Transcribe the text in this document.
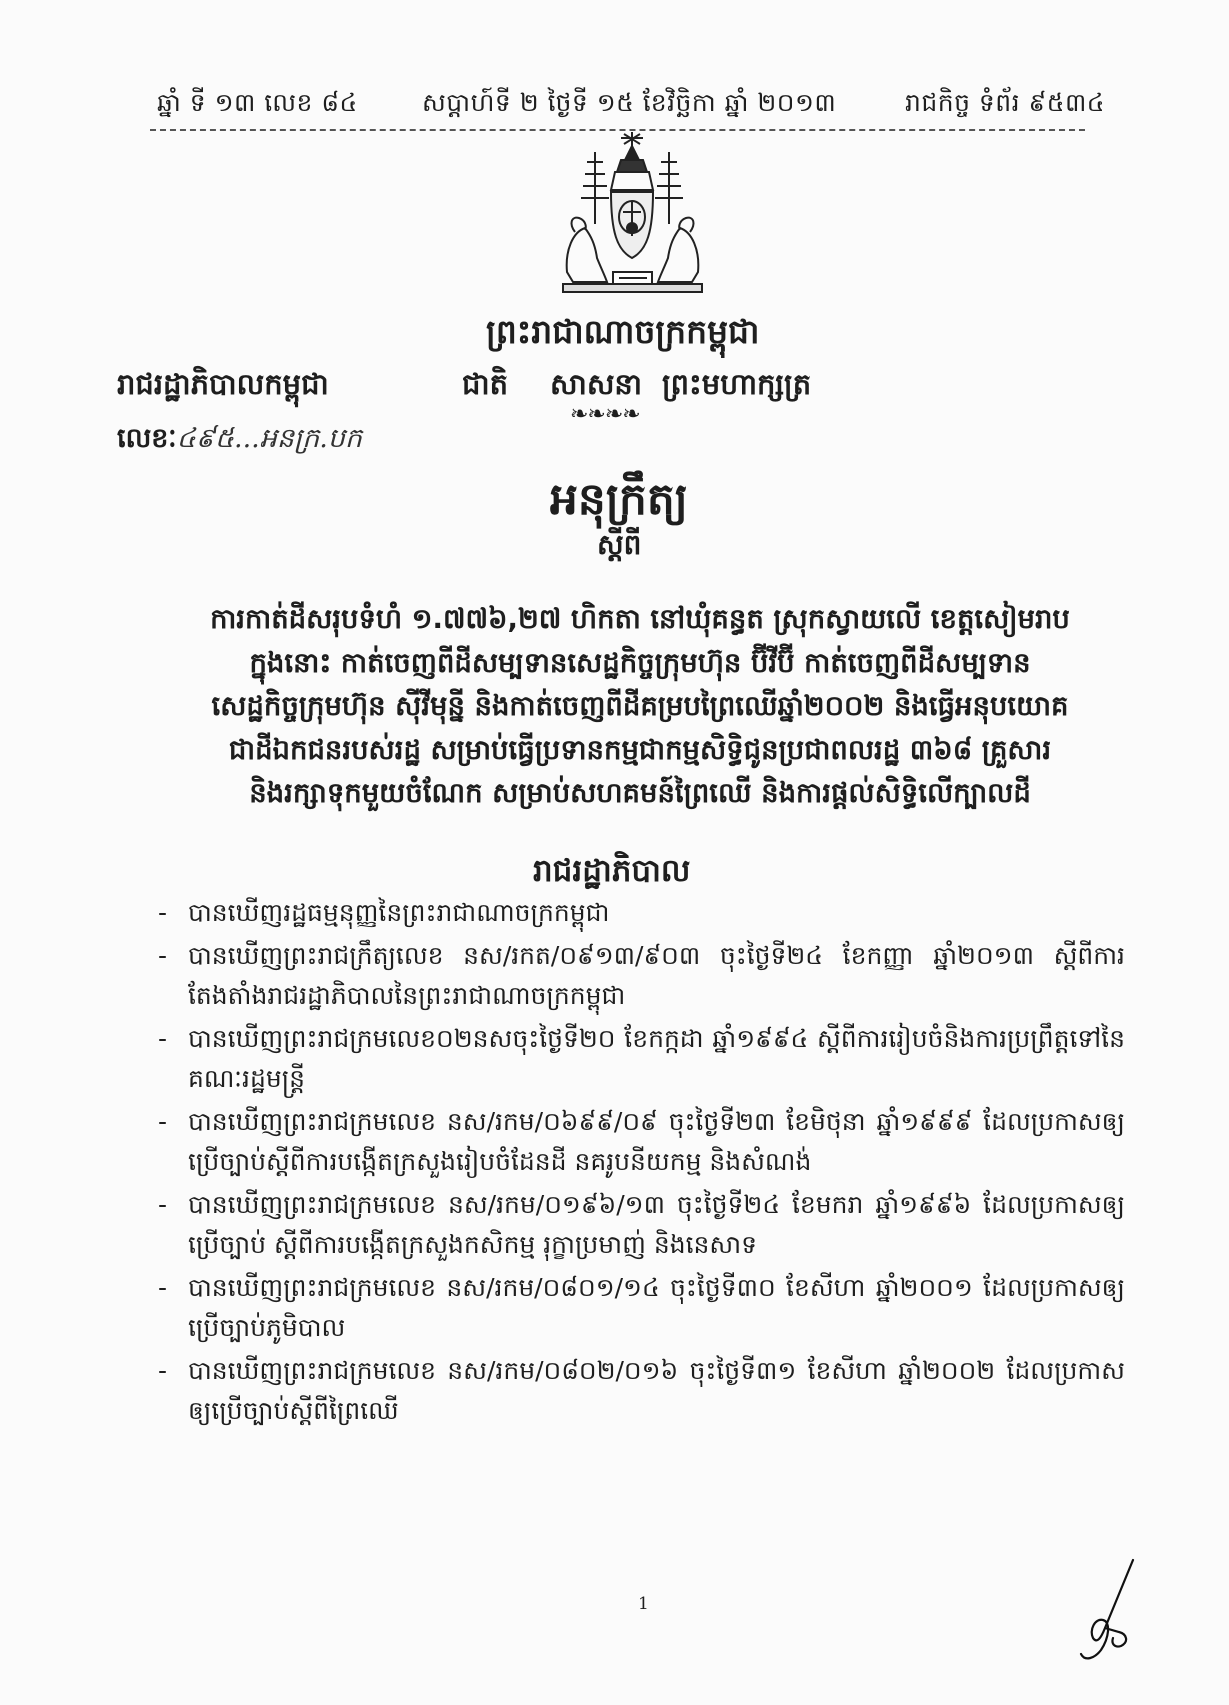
ឆ្នាំ ទី ១៣ លេខ ៨៤	សប្តាហ៍ទី ២ ថ្ងៃទី ១៥ ខែវិច្ឆិកា ឆ្នាំ ២០១៣	រាជកិច្ច ទំព័រ ៩៥៣៤
ព្រះរាជាណាចក្រកម្ពុជា
រាជរដ្ឋាភិបាលកម្ពុជា	ជាតិ សាសនា ព្រះមហាក្សត្រ
❧❧❧❧
លេខៈ៤៩៥...អនក្រ.បក
អនុក្រឹត្យ
ស្តីពី
ការកាត់ដីសរុបទំហំ ១.៧៧៦,២៧ ហិកតា នៅឃុំគន្ធត ស្រុកស្វាយលើ ខេត្តសៀមរាប
ក្នុងនោះ កាត់ចេញពីដីសម្បទានសេដ្ឋកិច្ចក្រុមហ៊ុន ប៊ីវីប៊ី កាត់ចេញពីដីសម្បទាន
សេដ្ឋកិច្ចក្រុមហ៊ុន ស៊ីវីមុន្នី និងកាត់ចេញពីដីគម្របព្រៃឈើឆ្នាំ២០០២ និងធ្វើអនុបយោគ
ជាដីឯកជនរបស់រដ្ឋ សម្រាប់ធ្វើប្រទានកម្មជាកម្មសិទ្ធិជូនប្រជាពលរដ្ឋ ៣៦៨ គ្រួសារ
និងរក្សាទុកមួយចំណែក សម្រាប់សហគមន៍ព្រៃឈើ និងការផ្តល់សិទ្ធិលើក្បាលដី
រាជរដ្ឋាភិបាល
- បានឃើញរដ្ឋធម្មនុញ្ញនៃព្រះរាជាណាចក្រកម្ពុជា
- បានឃើញព្រះរាជក្រឹត្យលេខ នស/រកត/០៩១៣/៩០៣ ចុះថ្ងៃទី២៤ ខែកញ្ញា ឆ្នាំ២០១៣ ស្តីពីការតែងតាំងរាជរដ្ឋាភិបាលនៃព្រះរាជាណាចក្រកម្ពុជា
- បានឃើញព្រះរាជក្រមលេខ០២នសចុះថ្ងៃទី២០ ខែកក្កដា ឆ្នាំ១៩៩៤ ស្តីពីការរៀបចំនិងការប្រព្រឹត្តទៅនៃគណៈរដ្ឋមន្ត្រី
- បានឃើញព្រះរាជក្រមលេខ នស/រកម/០៦៩៩/០៩ ចុះថ្ងៃទី២៣ ខែមិថុនា ឆ្នាំ១៩៩៩ ដែលប្រកាសឲ្យប្រើច្បាប់ស្តីពីការបង្កើតក្រសួងរៀបចំដែនដី នគរូបនីយកម្ម និងសំណង់
- បានឃើញព្រះរាជក្រមលេខ នស/រកម/០១៩៦/១៣ ចុះថ្ងៃទី២៤ ខែមករា ឆ្នាំ១៩៩៦ ដែលប្រកាសឲ្យប្រើច្បាប់ ស្តីពីការបង្កើតក្រសួងកសិកម្ម រុក្ខាប្រមាញ់ និងនេសាទ
- បានឃើញព្រះរាជក្រមលេខ នស/រកម/០៨០១/១៤ ចុះថ្ងៃទី៣០ ខែសីហា ឆ្នាំ២០០១ ដែលប្រកាសឲ្យប្រើច្បាប់ភូមិបាល
- បានឃើញព្រះរាជក្រមលេខ នស/រកម/០៨០២/០១៦ ចុះថ្ងៃទី៣១ ខែសីហា ឆ្នាំ២០០២ ដែលប្រកាសឲ្យប្រើច្បាប់ស្តីពីព្រៃឈើ
1
